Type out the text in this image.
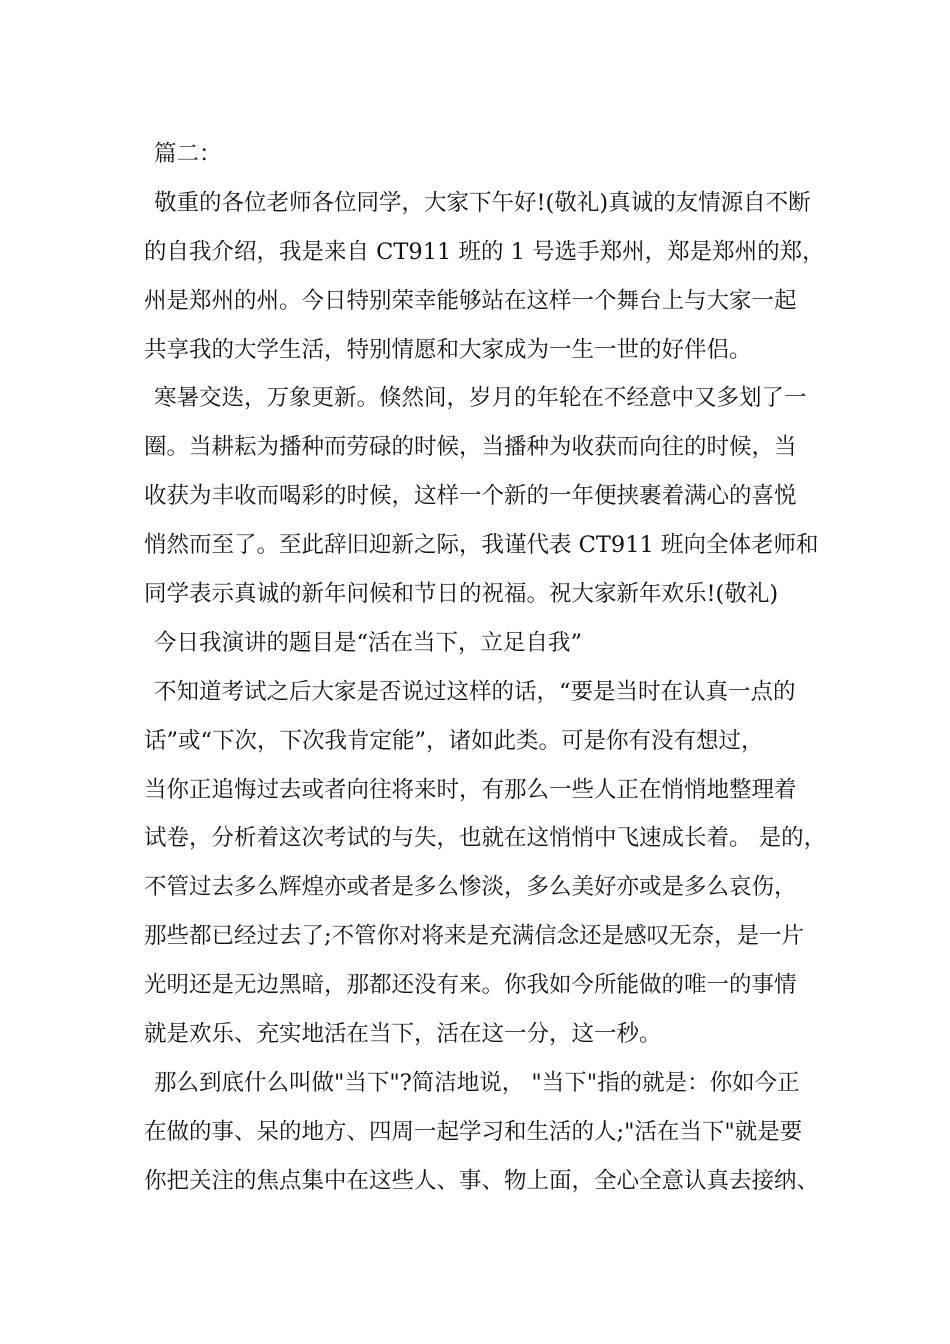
篇二：
敬重的各位老师各位同学，大家下午好!(敬礼)真诚的友情源自不断
的自我介绍，我是来自 CT911 班的 1 号选手郑州，郑是郑州的郑，
州是郑州的州。今日特别荣幸能够站在这样一个舞台上与大家一起
共享我的大学生活，特别情愿和大家成为一生一世的好伴侣。
寒暑交迭，万象更新。倏然间，岁月的年轮在不经意中又多划了一
圈。当耕耘为播种而劳碌的时候，当播种为收获而向往的时候，当
收获为丰收而喝彩的时候，这样一个新的一年便挟裹着满心的喜悦
悄然而至了。至此辞旧迎新之际，我谨代表 CT911 班向全体老师和
同学表示真诚的新年问候和节日的祝福。祝大家新年欢乐!(敬礼)
今日我演讲的题目是“活在当下，立足自我”
不知道考试之后大家是否说过这样的话，“要是当时在认真一点的
话”或“下次，下次我肯定能”，诸如此类。可是你有没有想过，
当你正追悔过去或者向往将来时，有那么一些人正在悄悄地整理着
试卷，分析着这次考试的与失，也就在这悄悄中飞速成长着。 是的，
不管过去多么辉煌亦或者是多么惨淡，多么美好亦或是多么哀伤，
那些都已经过去了;不管你对将来是充满信念还是感叹无奈，是一片
光明还是无边黑暗，那都还没有来。你我如今所能做的唯一的事情
就是欢乐、充实地活在当下，活在这一分，这一秒。
那么到底什么叫做"当下"?简洁地说， "当下"指的就是：你如今正
在做的事、呆的地方、四周一起学习和生活的人;"活在当下"就是要
你把关注的焦点集中在这些人、事、物上面，全心全意认真去接纳、
